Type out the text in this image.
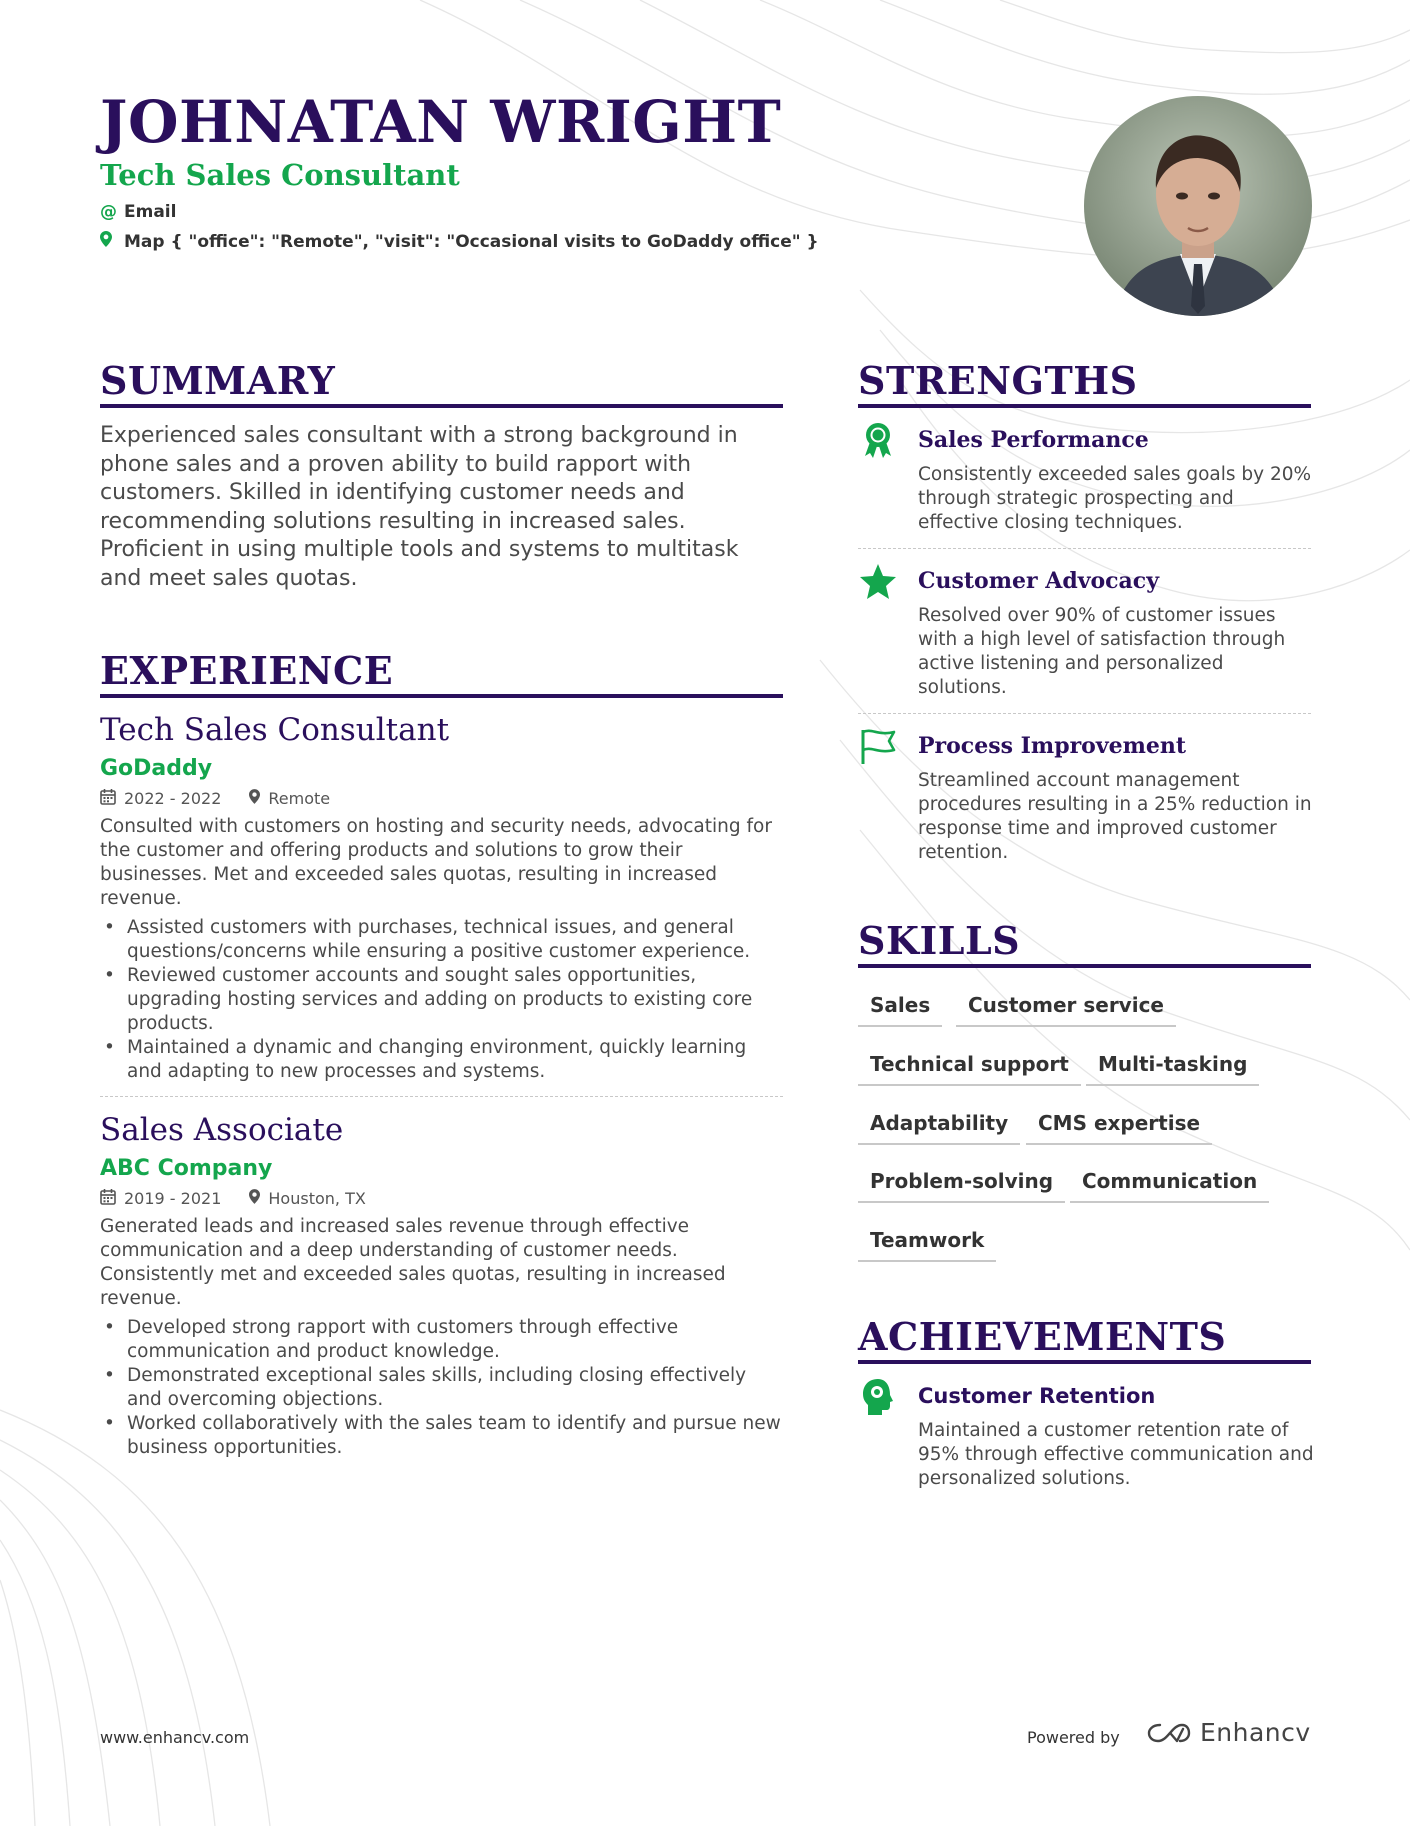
JOHNATAN WRIGHT
Tech Sales Consultant
@ Email
Map { "office": "Remote", "visit": "Occasional visits to GoDaddy office" }
SUMMARY
Experienced sales consultant with a strong background in phone sales and a proven ability to build rapport with customers. Skilled in identifying customer needs and recommending solutions resulting in increased sales. Proficient in using multiple tools and systems to multitask and meet sales quotas.
EXPERIENCE
Tech Sales Consultant
GoDaddy
2022 - 2022	Remote
Consulted with customers on hosting and security needs, advocating for the customer and offering products and solutions to grow their businesses. Met and exceeded sales quotas, resulting in increased revenue.
• Assisted customers with purchases, technical issues, and general questions/concerns while ensuring a positive customer experience.
• Reviewed customer accounts and sought sales opportunities, upgrading hosting services and adding on products to existing core products.
• Maintained a dynamic and changing environment, quickly learning and adapting to new processes and systems.
Sales Associate
ABC Company
2019 - 2021	Houston, TX
Generated leads and increased sales revenue through effective communication and a deep understanding of customer needs. Consistently met and exceeded sales quotas, resulting in increased revenue.
• Developed strong rapport with customers through effective communication and product knowledge.
• Demonstrated exceptional sales skills, including closing effectively and overcoming objections.
• Worked collaboratively with the sales team to identify and pursue new business opportunities.
STRENGTHS
Sales Performance
Consistently exceeded sales goals by 20% through strategic prospecting and effective closing techniques.
Customer Advocacy
Resolved over 90% of customer issues with a high level of satisfaction through active listening and personalized solutions.
Process Improvement
Streamlined account management procedures resulting in a 25% reduction in response time and improved customer retention.
SKILLS
Sales	Customer service
Technical support	Multi-tasking
Adaptability	CMS expertise
Problem-solving	Communication
Teamwork
ACHIEVEMENTS
Customer Retention
Maintained a customer retention rate of 95% through effective communication and personalized solutions.
www.enhancv.com	Powered by	Enhancv
